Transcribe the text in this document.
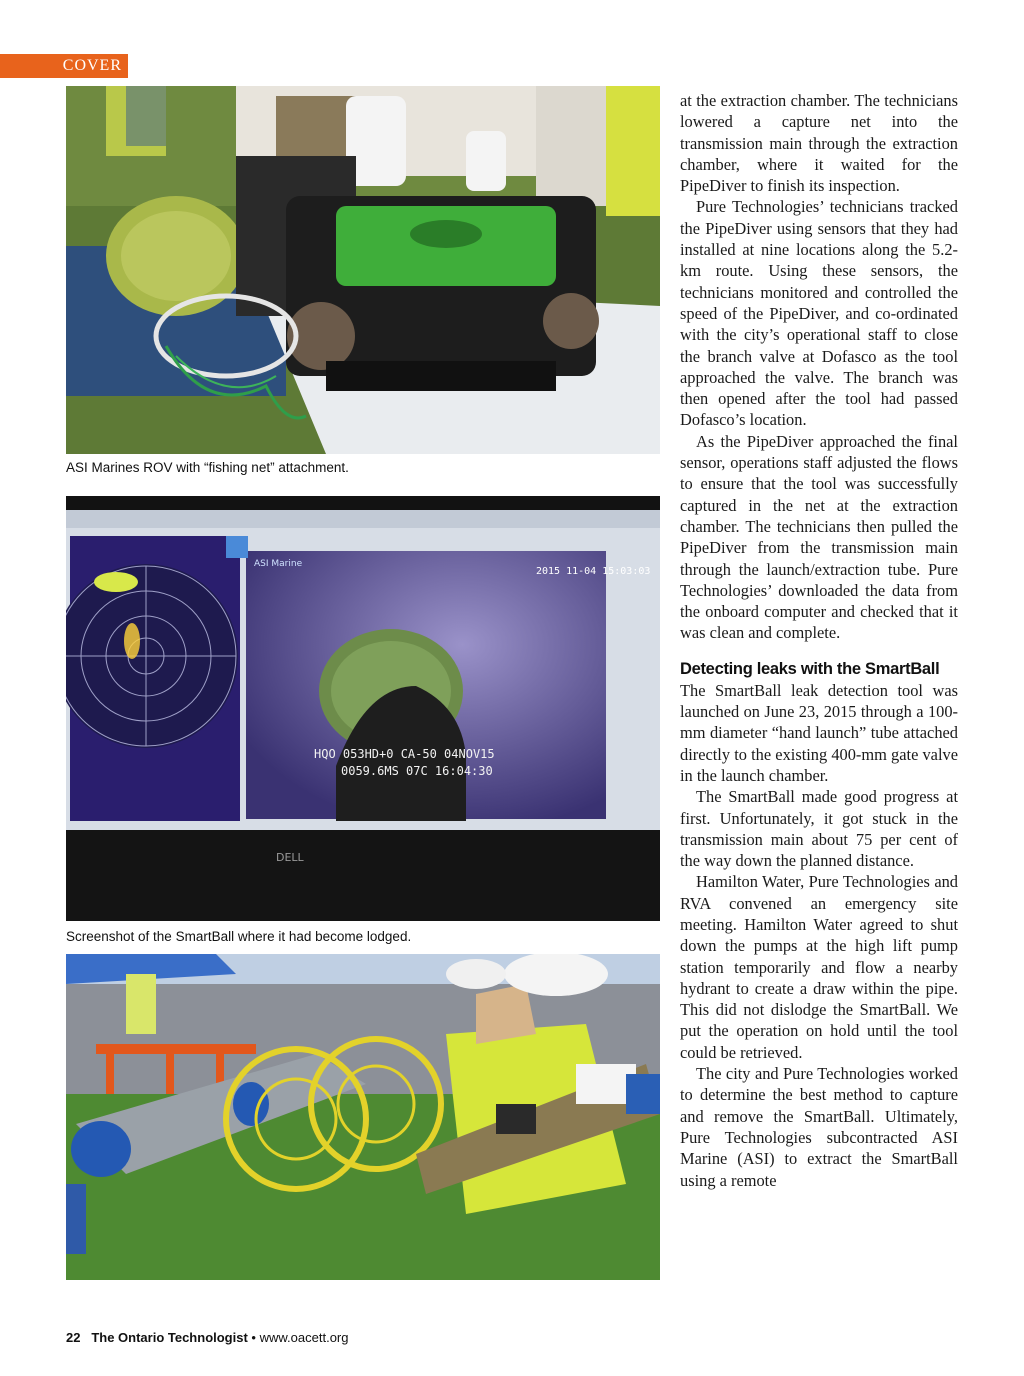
COVER
ASI Marines ROV with “fishing net” attachment.
2015 11-04 15:03:03
HQO 053HD+0 CA-50 04NOV15
0059.6MS 07C 16:04:30
ASI Marine
DELL
Screenshot of the SmartBall where it had become lodged.

at the extraction chamber. The technicians lowered a capture net into the transmission main through the extraction chamber, where it waited for the PipeDiver to finish its inspection.

Pure Technologies’ technicians tracked the PipeDiver using sensors that they had installed at nine locations along the 5.2-km route. Using these sensors, the technicians monitored and controlled the speed of the PipeDiver, and co-ordinated with the city’s operational staff to close the branch valve at Dofasco as the tool approached the valve. The branch was then opened after the tool had passed Dofasco’s location.

As the PipeDiver approached the final sensor, operations staff adjusted the flows to ensure that the tool was successfully captured in the net at the extraction chamber. The technicians then pulled the PipeDiver from the transmission main through the launch/extraction tube. Pure Technologies’ downloaded the data from the onboard computer and checked that it was clean and complete.

Detecting leaks with the SmartBall

The SmartBall leak detection tool was launched on June 23, 2015 through a 100-mm diameter “hand launch” tube attached directly to the existing 400-mm gate valve in the launch chamber.

The SmartBall made good progress at first. Unfortunately, it got stuck in the transmission main about 75 per cent of the way down the planned distance.

Hamilton Water, Pure Technologies and RVA convened an emergency site meeting. Hamilton Water agreed to shut down the pumps at the high lift pump station temporarily and flow a nearby hydrant to create a draw within the pipe. This did not dislodge the SmartBall. We put the operation on hold until the tool could be retrieved.

The city and Pure Technologies worked to determine the best method to capture and remove the SmartBall. Ultimately, Pure Technologies subcontracted ASI Marine (ASI) to extract the SmartBall using a remote

22 The Ontario Technologist • www.oacett.org
